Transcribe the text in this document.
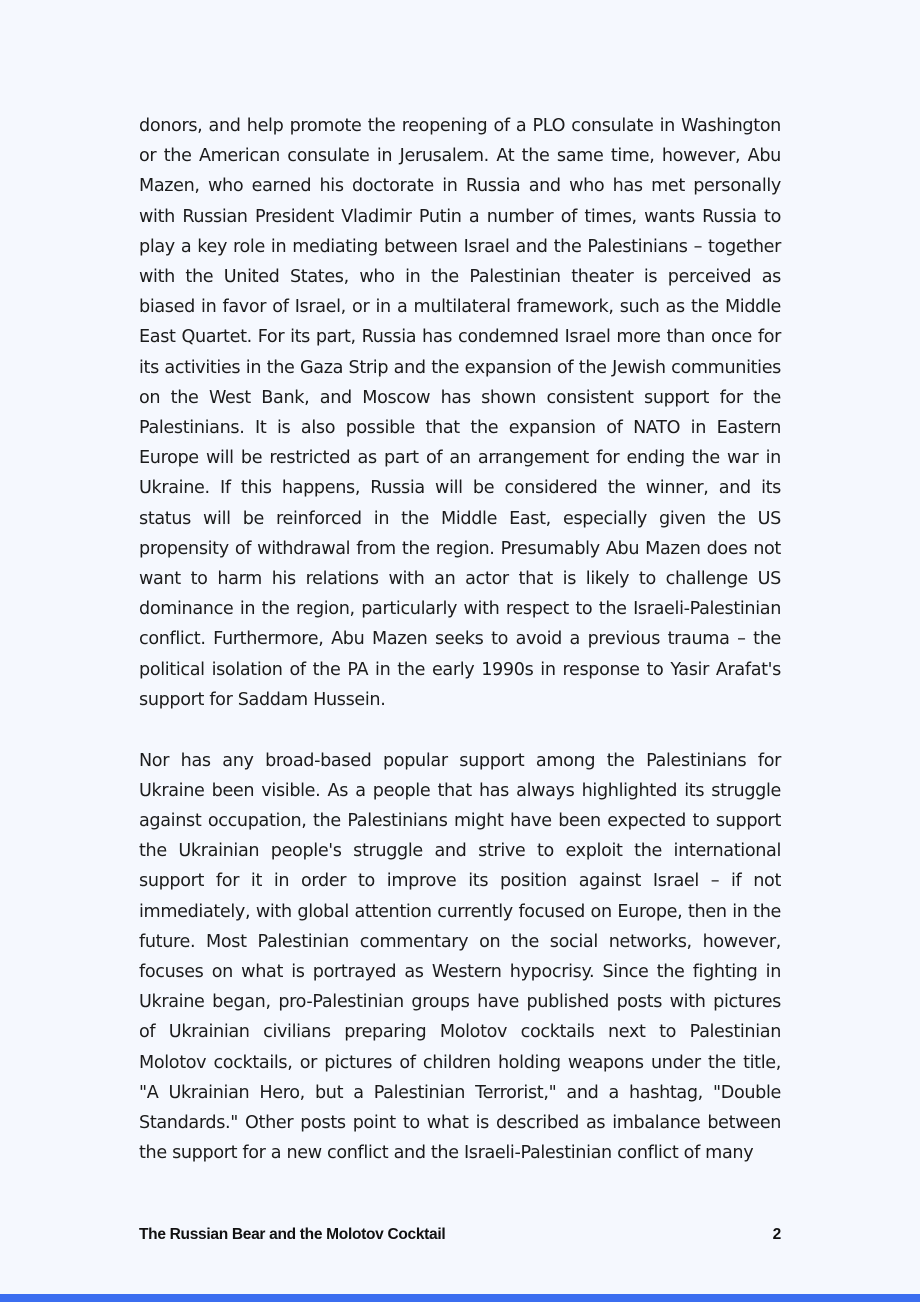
donors, and help promote the reopening of a PLO consulate in Washington or the American consulate in Jerusalem. At the same time, however, Abu Mazen, who earned his doctorate in Russia and who has met personally with Russian President Vladimir Putin a number of times, wants Russia to play a key role in mediating between Israel and the Palestinians – together with the United States, who in the Palestinian theater is perceived as biased in favor of Israel, or in a multilateral framework, such as the Middle East Quartet. For its part, Russia has condemned Israel more than once for its activities in the Gaza Strip and the expansion of the Jewish communities on the West Bank, and Moscow has shown consistent support for the Palestinians. It is also possible that the expansion of NATO in Eastern Europe will be restricted as part of an arrangement for ending the war in Ukraine. If this happens, Russia will be considered the winner, and its status will be reinforced in the Middle East, especially given the US propensity of withdrawal from the region. Presumably Abu Mazen does not want to harm his relations with an actor that is likely to challenge US dominance in the region, particularly with respect to the Israeli-Palestinian conflict. Furthermore, Abu Mazen seeks to avoid a previous trauma – the political isolation of the PA in the early 1990s in response to Yasir Arafat's support for Saddam Hussein.

Nor has any broad-based popular support among the Palestinians for Ukraine been visible. As a people that has always highlighted its struggle against occupation, the Palestinians might have been expected to support the Ukrainian people's struggle and strive to exploit the international support for it in order to improve its position against Israel – if not immediately, with global attention currently focused on Europe, then in the future. Most Palestinian commentary on the social networks, however, focuses on what is portrayed as Western hypocrisy. Since the fighting in Ukraine began, pro-Palestinian groups have published posts with pictures of Ukrainian civilians preparing Molotov cocktails next to Palestinian Molotov cocktails, or pictures of children holding weapons under the title, "A Ukrainian Hero, but a Palestinian Terrorist," and a hashtag, "Double Standards." Other posts point to what is described as imbalance between the support for a new conflict and the Israeli-Palestinian conflict of many

The Russian Bear and the Molotov Cocktail	2
